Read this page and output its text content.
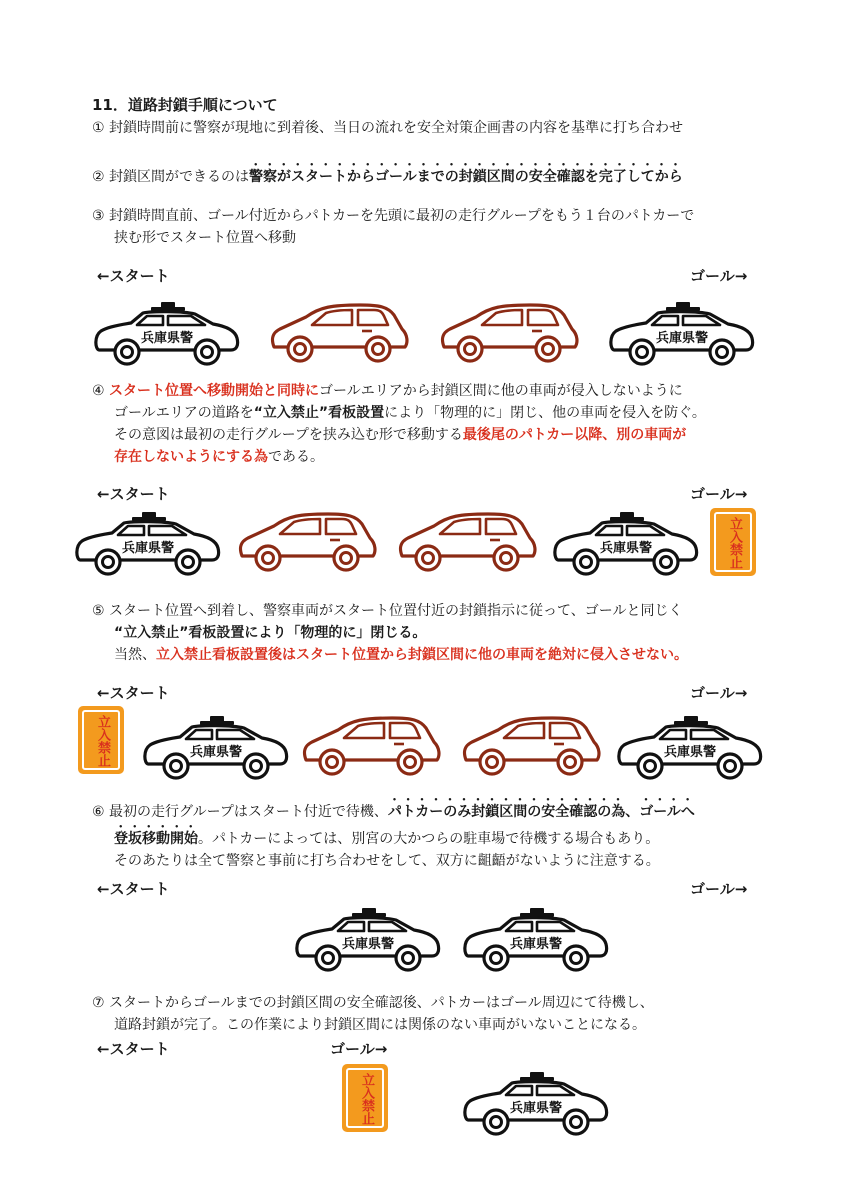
11．道路封鎖手順について
① 封鎖時間前に警察が現地に到着後、当日の流れを安全対策企画書の内容を基準に打ち合わせ
② 封鎖区間ができるのは警察がスタートからゴールまでの封鎖区間の安全確認を完了してから
③ 封鎖時間直前、ゴール付近からパトカーを先頭に最初の走行グループをもう１台のパトカーで
挟む形でスタート位置へ移動
←スタート	ゴール→
④ スタート位置へ移動開始と同時にゴールエリアから封鎖区間に他の車両が侵入しないように
ゴールエリアの道路を“立入禁止”看板設置により「物理的に」閉じ、他の車両を侵入を防ぐ。
その意図は最初の走行グループを挟み込む形で移動する最後尾のパトカー以降、別の車両が
存在しないようにする為である。
←スタート	ゴール→
⑤ スタート位置へ到着し、警察車両がスタート位置付近の封鎖指示に従って、ゴールと同じく
“立入禁止”看板設置により「物理的に」閉じる。
当然、立入禁止看板設置後はスタート位置から封鎖区間に他の車両を絶対に侵入させない。
←スタート	ゴール→
⑥ 最初の走行グループはスタート付近で待機、パトカーのみ封鎖区間の安全確認の為、ゴールへ
登坂移動開始。パトカーによっては、別宮の大かつらの駐車場で待機する場合もあり。
そのあたりは全て警察と事前に打ち合わせをして、双方に齟齬がないように注意する。
←スタート	ゴール→
⑦ スタートからゴールまでの封鎖区間の安全確認後、パトカーはゴール周辺にて待機し、
道路封鎖が完了。この作業により封鎖区間には関係のない車両がいないことになる。
←スタート	ゴール→
兵庫県警	兵庫県警
兵庫県警	兵庫県警	立入禁止
立入禁止	兵庫県警	兵庫県警
兵庫県警	兵庫県警
立入禁止	兵庫県警
